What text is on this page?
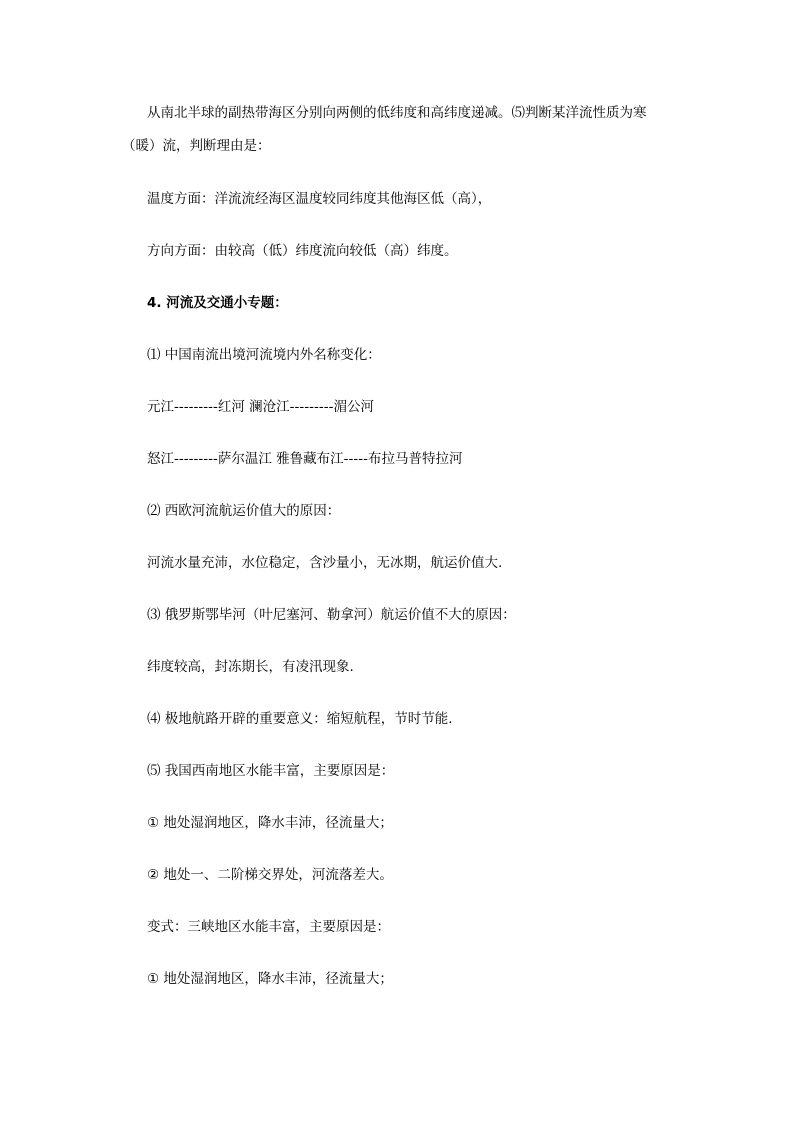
从南北半球的副热带海区分别向两侧的低纬度和高纬度递减。⑸判断某洋流性质为寒
（暖）流，判断理由是：
温度方面：洋流流经海区温度较同纬度其他海区低（高），
方向方面：由较高（低）纬度流向较低（高）纬度。
4. 河流及交通小专题：
⑴ 中国南流出境河流境内外名称变化：
元江---------红河 澜沧江---------湄公河
怒江---------萨尔温江 雅鲁藏布江-----布拉马普特拉河
⑵ 西欧河流航运价值大的原因：
河流水量充沛，水位稳定，含沙量小，无冰期，航运价值大.
⑶ 俄罗斯鄂毕河（叶尼塞河、勒拿河）航运价值不大的原因：
纬度较高，封冻期长，有凌汛现象.
⑷ 极地航路开辟的重要意义：缩短航程，节时节能.
⑸ 我国西南地区水能丰富，主要原因是：
① 地处湿润地区，降水丰沛，径流量大；
② 地处一、二阶梯交界处，河流落差大。
变式：三峡地区水能丰富，主要原因是：
① 地处湿润地区，降水丰沛，径流量大；
